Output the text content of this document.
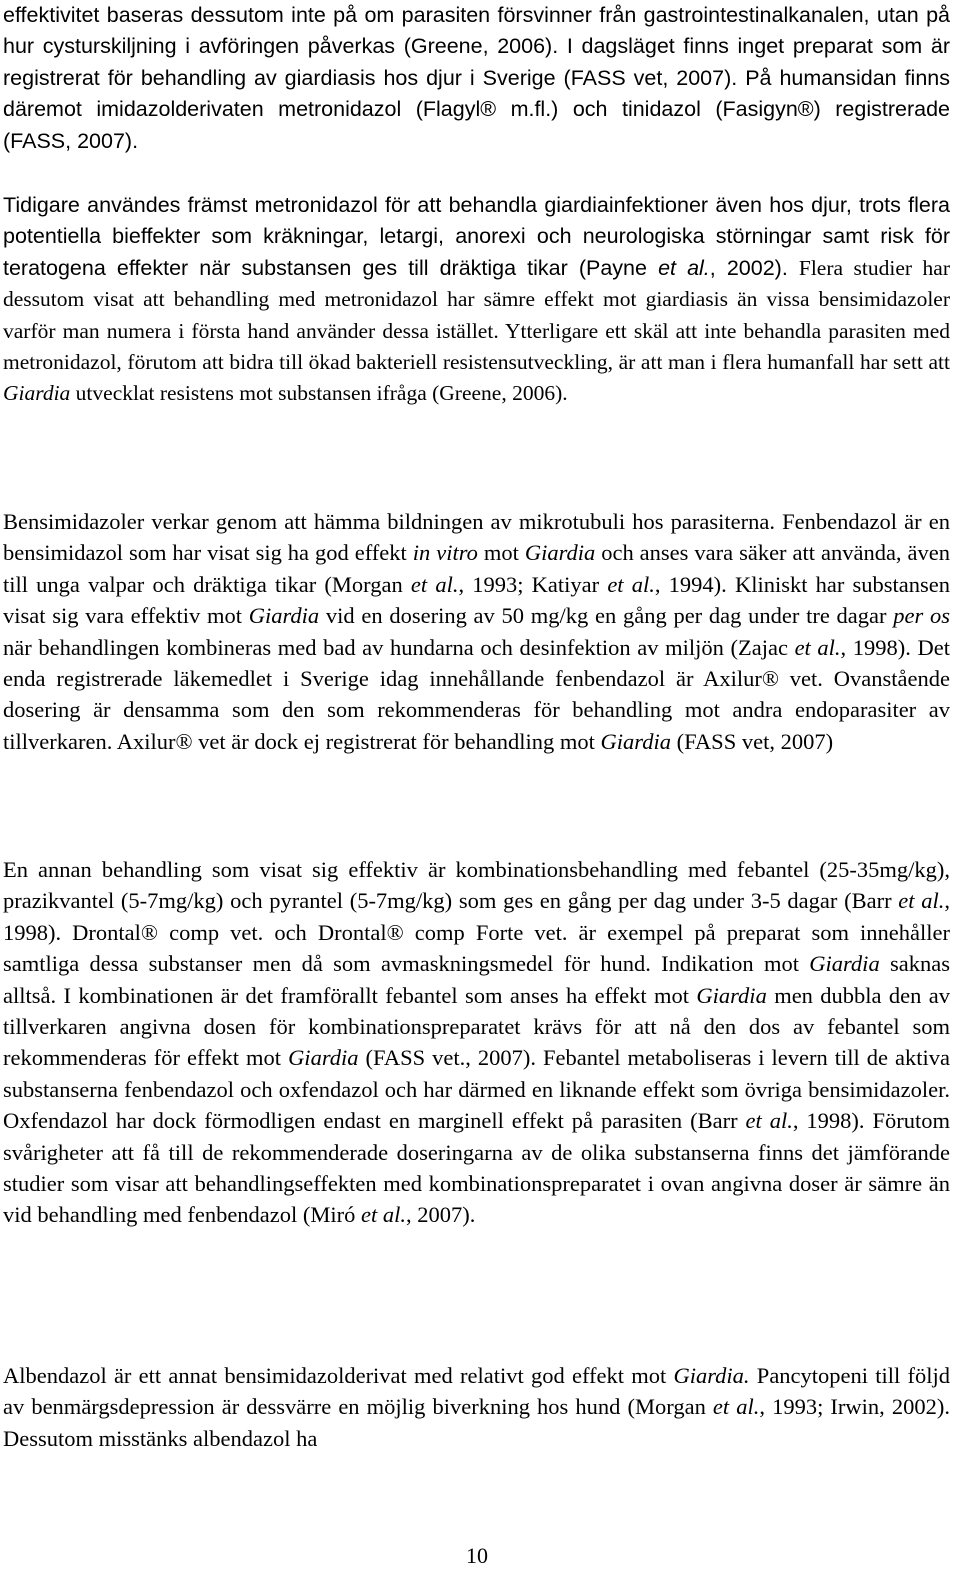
effektivitet baseras dessutom inte på om parasiten försvinner från gastrointestinalkanalen, utan på hur cysturskiljning i avföringen påverkas (Greene, 2006). I dagsläget finns inget preparat som är registrerat för behandling av giardiasis hos djur i Sverige (FASS vet, 2007). På humansidan finns däremot imidazolderivaten metronidazol (Flagyl® m.fl.) och tinidazol (Fasigyn®) registrerade (FASS, 2007).

Tidigare användes främst metronidazol för att behandla giardiainfektioner även hos djur, trots flera potentiella bieffekter som kräkningar, letargi, anorexi och neurologiska störningar samt risk för teratogena effekter när substansen ges till dräktiga tikar (Payne et al., 2002). Flera studier har dessutom visat att behandling med metronidazol har sämre effekt mot giardiasis än vissa bensimidazoler varför man numera i första hand använder dessa istället. Ytterligare ett skäl att inte behandla parasiten med metronidazol, förutom att bidra till ökad bakteriell resistensutveckling, är att man i flera humanfall har sett att Giardia utvecklat resistens mot substansen ifråga (Greene, 2006).

Bensimidazoler verkar genom att hämma bildningen av mikrotubuli hos parasiterna. Fenbendazol är en bensimidazol som har visat sig ha god effekt in vitro mot Giardia och anses vara säker att använda, även till unga valpar och dräktiga tikar (Morgan et al., 1993; Katiyar et al., 1994). Kliniskt har substansen visat sig vara effektiv mot Giardia vid en dosering av 50 mg/kg en gång per dag under tre dagar per os när behandlingen kombineras med bad av hundarna och desinfektion av miljön (Zajac et al., 1998). Det enda registrerade läkemedlet i Sverige idag innehållande fenbendazol är Axilur® vet. Ovanstående dosering är densamma som den som rekommenderas för behandling mot andra endoparasiter av tillverkaren. Axilur® vet är dock ej registrerat för behandling mot Giardia (FASS vet, 2007)

En annan behandling som visat sig effektiv är kombinationsbehandling med febantel (25-35mg/kg), prazikvantel (5-7mg/kg) och pyrantel (5-7mg/kg) som ges en gång per dag under 3-5 dagar (Barr et al., 1998). Drontal® comp vet. och Drontal® comp Forte vet. är exempel på preparat som innehåller samtliga dessa substanser men då som avmaskningsmedel för hund. Indikation mot Giardia saknas alltså. I kombinationen är det framförallt febantel som anses ha effekt mot Giardia men dubbla den av tillverkaren angivna dosen för kombinationspreparatet krävs för att nå den dos av febantel som rekommenderas för effekt mot Giardia (FASS vet., 2007). Febantel metaboliseras i levern till de aktiva substanserna fenbendazol och oxfendazol och har därmed en liknande effekt som övriga bensimidazoler. Oxfendazol har dock förmodligen endast en marginell effekt på parasiten (Barr et al., 1998). Förutom svårigheter att få till de rekommenderade doseringarna av de olika substanserna finns det jämförande studier som visar att behandlingseffekten med kombinationspreparatet i ovan angivna doser är sämre än vid behandling med fenbendazol (Miró et al., 2007).

Albendazol är ett annat bensimidazolderivat med relativt god effekt mot Giardia. Pancytopeni till följd av benmärgsdepression är dessvärre en möjlig biverkning hos hund (Morgan et al., 1993; Irwin, 2002). Dessutom misstänks albendazol ha

10
